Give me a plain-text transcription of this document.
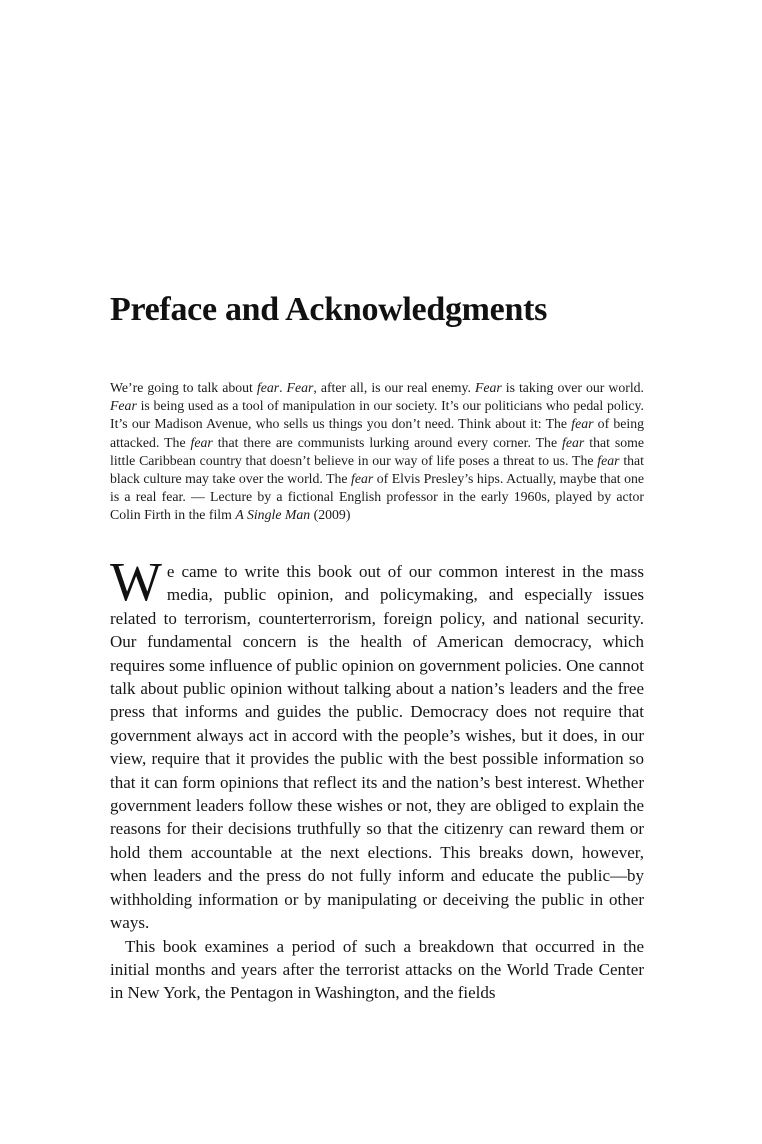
Preface and Acknowledgments

We’re going to talk about fear. Fear, after all, is our real enemy. Fear is taking over our world. Fear is being used as a tool of manipulation in our society. It’s our politicians who pedal policy. It’s our Madison Avenue, who sells us things you don’t need. Think about it: The fear of being attacked. The fear that there are communists lurking around every corner. The fear that some little Caribbean country that doesn’t believe in our way of life poses a threat to us. The fear that black culture may take over the world. The fear of Elvis Presley’s hips. Actually, maybe that one is a real fear. — Lecture by a fictional English professor in the early 1960s, played by actor Colin Firth in the film A Single Man (2009)

We came to write this book out of our common interest in the mass media, public opinion, and policymaking, and especially issues related to terrorism, counterterrorism, foreign policy, and national security. Our fundamental concern is the health of American democracy, which requires some influence of public opinion on government policies. One cannot talk about public opinion without talking about a nation’s leaders and the free press that informs and guides the public. Democracy does not require that government always act in accord with the people’s wishes, but it does, in our view, require that it provides the public with the best possible information so that it can form opinions that reflect its and the nation’s best interest. Whether government leaders follow these wishes or not, they are obliged to explain the reasons for their decisions truthfully so that the citizenry can reward them or hold them accountable at the next elections. This breaks down, however, when leaders and the press do not fully inform and educate the public—by withholding information or by manipulating or deceiving the public in other ways.

This book examines a period of such a breakdown that occurred in the initial months and years after the terrorist attacks on the World Trade Center in New York, the Pentagon in Washington, and the fields
